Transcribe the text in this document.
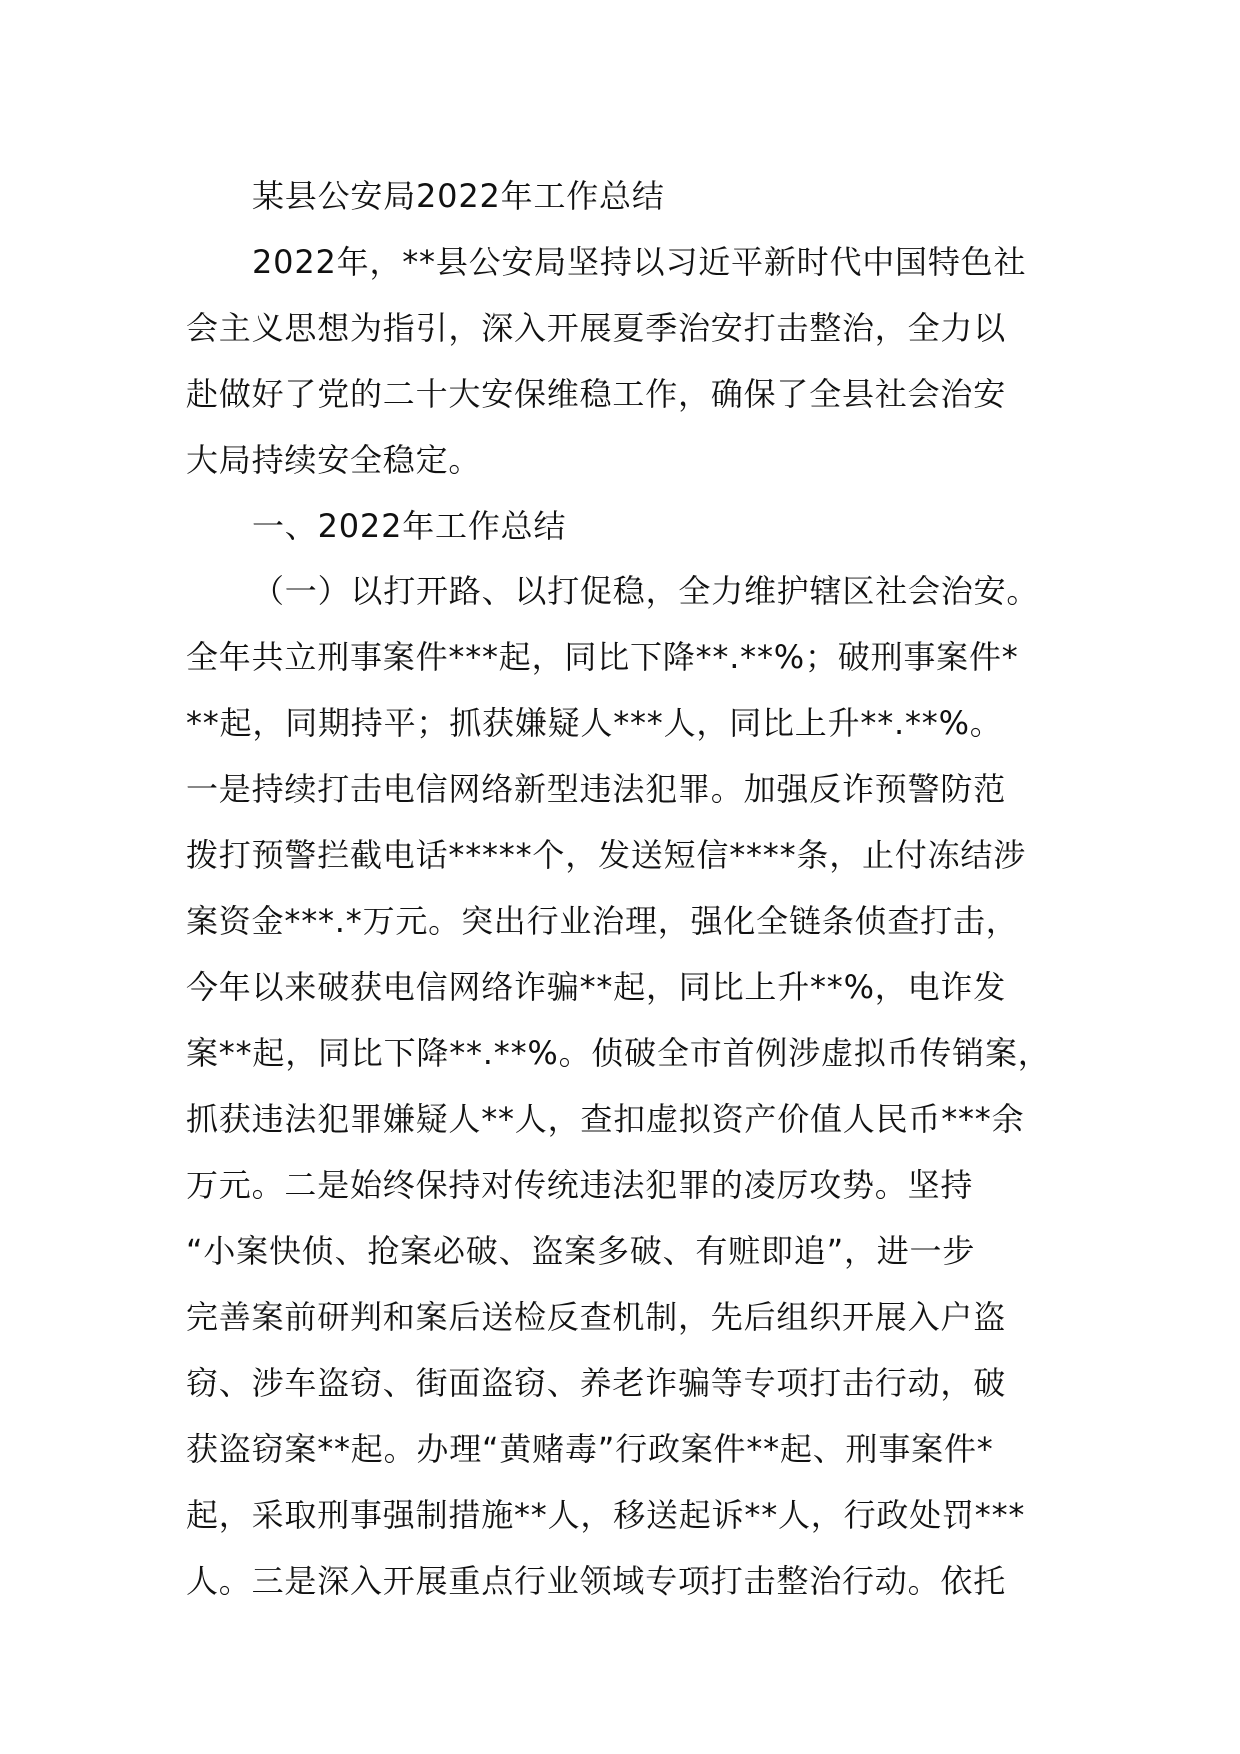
某县公安局2022年工作总结

2022年，**县公安局坚持以习近平新时代中国特色社

会主义思想为指引，深入开展夏季治安打击整治，全力以

赴做好了党的二十大安保维稳工作，确保了全县社会治安

大局持续安全稳定。

一、2022年工作总结

（一）以打开路、以打促稳，全力维护辖区社会治安。

全年共立刑事案件***起，同比下降**.**%；破刑事案件*

**起，同期持平；抓获嫌疑人***人，同比上升**.**%。

一是持续打击电信网络新型违法犯罪。加强反诈预警防范

拨打预警拦截电话*****个，发送短信****条，止付冻结涉

案资金***.*万元。突出行业治理，强化全链条侦查打击，

今年以来破获电信网络诈骗**起，同比上升**%，电诈发

案**起，同比下降**.**%。侦破全市首例涉虚拟币传销案，

抓获违法犯罪嫌疑人**人，查扣虚拟资产价值人民币***余

万元。二是始终保持对传统违法犯罪的凌厉攻势。坚持

“小案快侦、抢案必破、盗案多破、有赃即追”，进一步

完善案前研判和案后送检反查机制，先后组织开展入户盗

窃、涉车盗窃、街面盗窃、养老诈骗等专项打击行动，破

获盗窃案**起。办理“黄赌毒”行政案件**起、刑事案件*

起，采取刑事强制措施**人，移送起诉**人，行政处罚***

人。三是深入开展重点行业领域专项打击整治行动。依托
